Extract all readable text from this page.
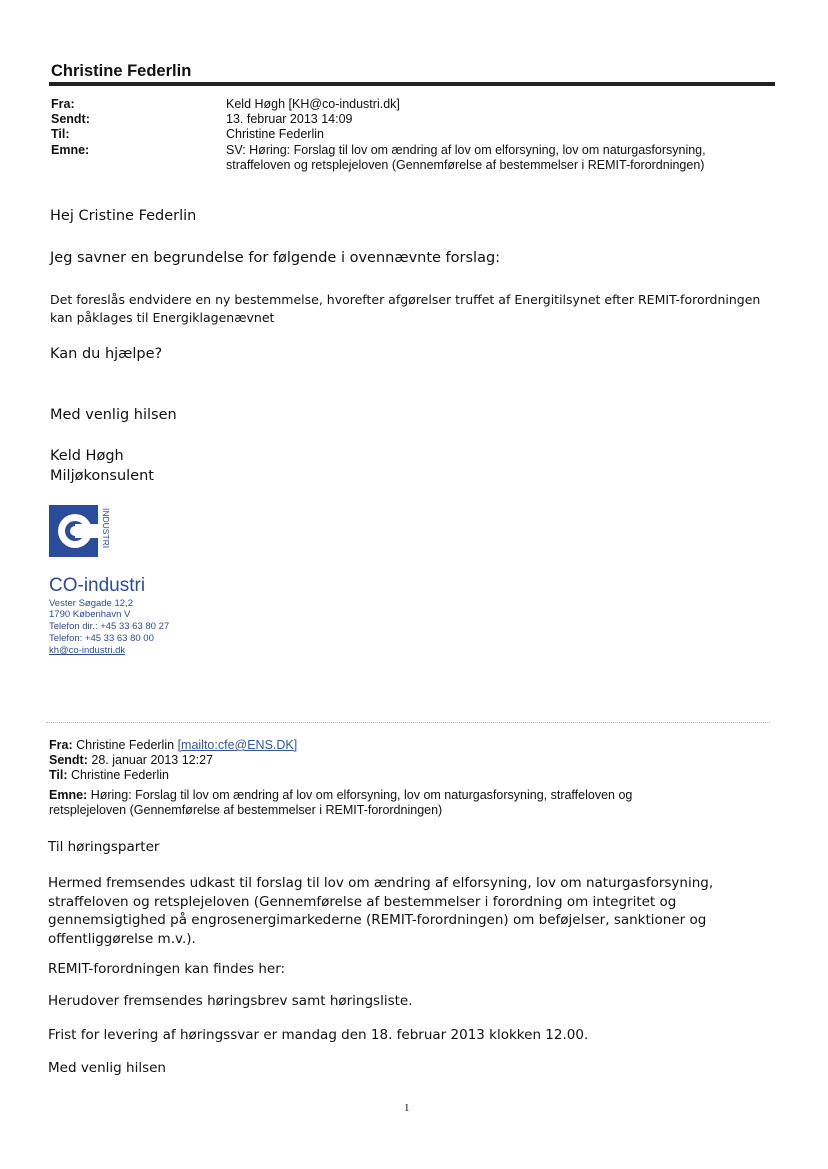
Christine Federlin
Fra:	Keld Høgh [KH@co-industri.dk]
Sendt:	13. februar 2013 14:09
Til:	Christine Federlin
Emne:	SV: Høring: Forslag til lov om ændring af lov om elforsyning, lov om naturgasforsyning,
straffeloven og retsplejeloven (Gennemførelse af bestemmelser i REMIT-forordningen)
Hej Cristine Federlin
Jeg savner en begrundelse for følgende i ovennævnte forslag:
Det foreslås endvidere en ny bestemmelse, hvorefter afgørelser truffet af Energitilsynet efter REMIT-forordningen
kan påklages til Energiklagenævnet
Kan du hjælpe?
Med venlig hilsen
Keld Høgh
Miljøkonsulent
INDUSTRI
CO-industri
Vester Søgade 12,2
1790 København V
Telefon dir.: +45 33 63 80 27
Telefon: +45 33 63 80 00
kh@co-industri.dk
Fra: Christine Federlin [mailto:cfe@ENS.DK]
Sendt: 28. januar 2013 12:27
Til: Christine Federlin
Emne: Høring: Forslag til lov om ændring af lov om elforsyning, lov om naturgasforsyning, straffeloven og
retsplejeloven (Gennemførelse af bestemmelser i REMIT-forordningen)
Til høringsparter
Hermed fremsendes udkast til forslag til lov om ændring af elforsyning, lov om naturgasforsyning, straffeloven og retsplejeloven (Gennemførelse af bestemmelser i forordning om integritet og gennemsigtighed på engrosenergimarkederne (REMIT-forordningen) om beføjelser, sanktioner og offentliggørelse m.v.).
REMIT-forordningen kan findes her:
Herudover fremsendes høringsbrev samt høringsliste.
Frist for levering af høringssvar er mandag den 18. februar 2013 klokken 12.00.
Med venlig hilsen
1
